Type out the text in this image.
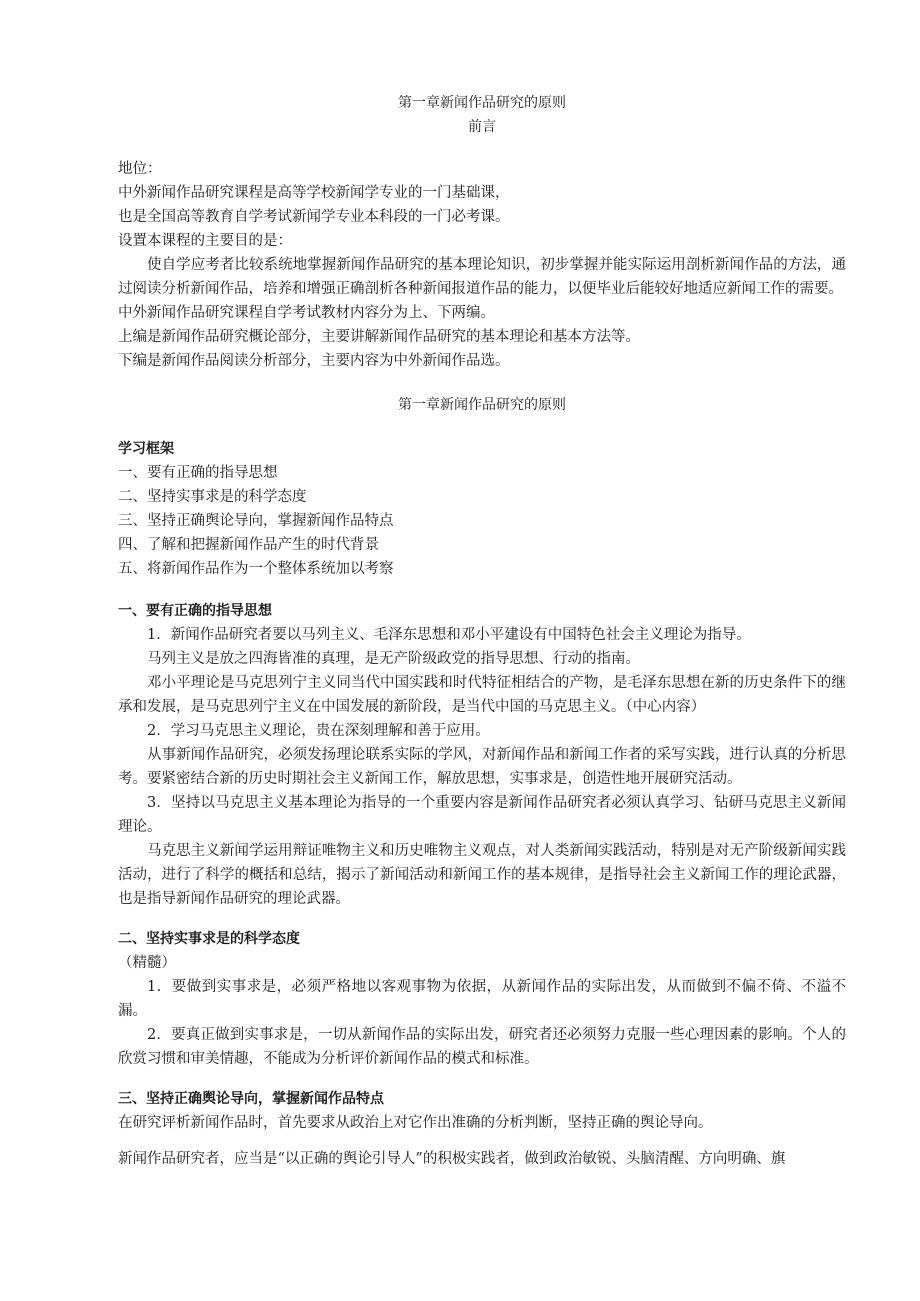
第一章新闻作品研究的原则
前言

地位：

中外新闻作品研究课程是高等学校新闻学专业的一门基础课，

也是全国高等教育自学考试新闻学专业本科段的一门必考课。

设置本课程的主要目的是：

使自学应考者比较系统地掌握新闻作品研究的基本理论知识，初步掌握并能实际运用剖析新闻作品的方法，通过阅读分析新闻作品，培养和增强正确剖析各种新闻报道作品的能力，以便毕业后能较好地适应新闻工作的需要。

中外新闻作品研究课程自学考试教材内容分为上、下两编。

上编是新闻作品研究概论部分，主要讲解新闻作品研究的基本理论和基本方法等。

下编是新闻作品阅读分析部分，主要内容为中外新闻作品选。

第一章新闻作品研究的原则

学习框架

一、要有正确的指导思想

二、坚持实事求是的科学态度

三、坚持正确舆论导向，掌握新闻作品特点

四、了解和把握新闻作品产生的时代背景

五、将新闻作品作为一个整体系统加以考察

一、要有正确的指导思想

1．新闻作品研究者要以马列主义、毛泽东思想和邓小平建设有中国特色社会主义理论为指导。

马列主义是放之四海皆准的真理，是无产阶级政党的指导思想、行动的指南。

邓小平理论是马克思列宁主义同当代中国实践和时代特征相结合的产物，是毛泽东思想在新的历史条件下的继承和发展，是马克思列宁主义在中国发展的新阶段，是当代中国的马克思主义。（中心内容）

2．学习马克思主义理论，贵在深刻理解和善于应用。

从事新闻作品研究，必须发扬理论联系实际的学风，对新闻作品和新闻工作者的采写实践，进行认真的分析思考。要紧密结合新的历史时期社会主义新闻工作，解放思想，实事求是，创造性地开展研究活动。

3．坚持以马克思主义基本理论为指导的一个重要内容是新闻作品研究者必须认真学习、钻研马克思主义新闻理论。

马克思主义新闻学运用辩证唯物主义和历史唯物主义观点，对人类新闻实践活动，特别是对无产阶级新闻实践活动，进行了科学的概括和总结，揭示了新闻活动和新闻工作的基本规律，是指导社会主义新闻工作的理论武器，也是指导新闻作品研究的理论武器。

二、坚持实事求是的科学态度

（精髓）

1．要做到实事求是，必须严格地以客观事物为依据，从新闻作品的实际出发，从而做到不偏不倚、不溢不漏。

2．要真正做到实事求是，一切从新闻作品的实际出发，研究者还必须努力克服一些心理因素的影响。个人的欣赏习惯和审美情趣，不能成为分析评价新闻作品的模式和标准。

三、坚持正确舆论导向，掌握新闻作品特点

在研究评析新闻作品时，首先要求从政治上对它作出准确的分析判断，坚持正确的舆论导向。

新闻作品研究者，应当是“以正确的舆论引导人”的积极实践者，做到政治敏锐、头脑清醒、方向明确、旗
